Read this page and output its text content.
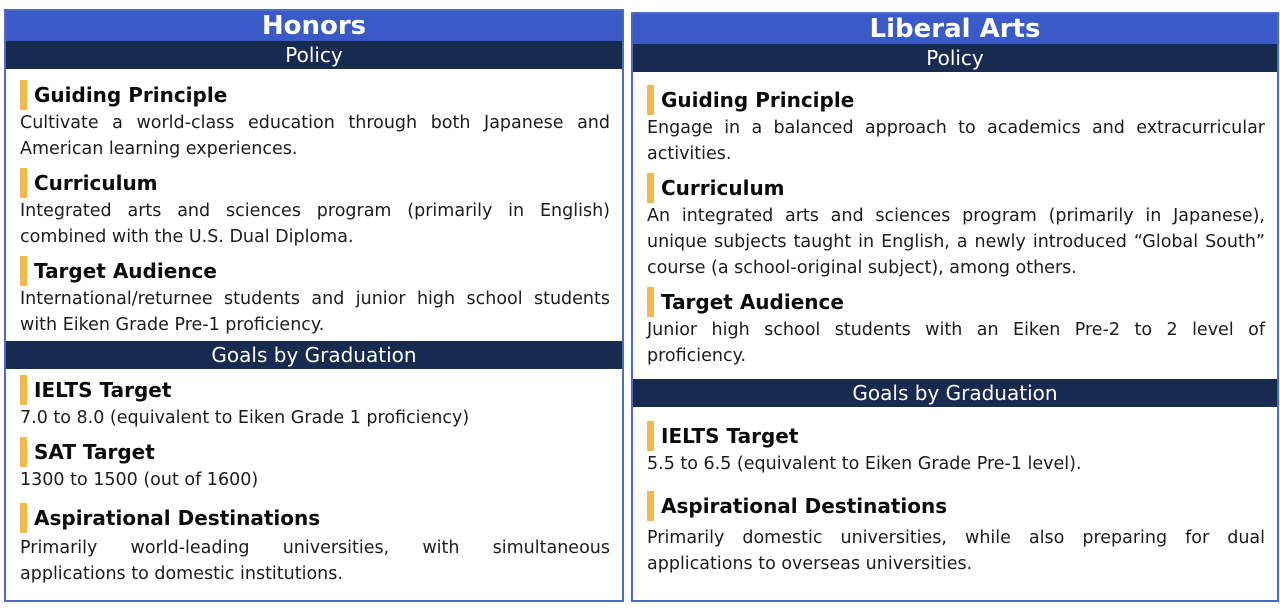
Honors
Policy
Guiding Principle
Cultivate a world-class education through both Japanese and American learning experiences.
Curriculum
Integrated arts and sciences program (primarily in English) combined with the U.S. Dual Diploma.
Target Audience
International/returnee students and junior high school students with Eiken Grade Pre-1 proficiency.
Goals by Graduation
IELTS Target
7.0 to 8.0 (equivalent to Eiken Grade 1 proficiency)
SAT Target
1300 to 1500 (out of 1600)
Aspirational Destinations
Primarily world-leading universities, with simultaneous applications to domestic institutions.
Liberal Arts
Policy
Guiding Principle
Engage in a balanced approach to academics and extracurricular activities.
Curriculum
An integrated arts and sciences program (primarily in Japanese), unique subjects taught in English, a newly introduced “Global South” course (a school-original subject), among others.
Target Audience
Junior high school students with an Eiken Pre-2 to 2 level of proficiency.
Goals by Graduation
IELTS Target
5.5 to 6.5 (equivalent to Eiken Grade Pre-1 level).
Aspirational Destinations
Primarily domestic universities, while also preparing for dual applications to overseas universities.
